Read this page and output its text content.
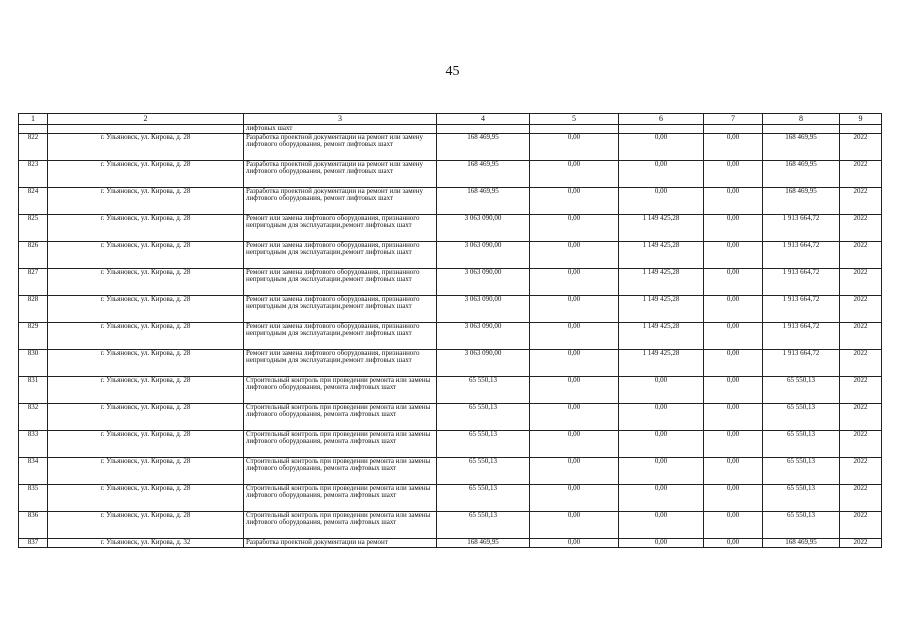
45
1	2	3	4	5	6	7	8	9
		лифтовых шахт						
822	г. Ульяновск, ул. Кирова, д. 28	Разработка проектной документации на ремонт или замену лифтового оборудования, ремонт лифтовых шахт	168 469,95	0,00	0,00	0,00	168 469,95	2022
823	г. Ульяновск, ул. Кирова, д. 28	Разработка проектной документации на ремонт или замену лифтового оборудования, ремонт лифтовых шахт	168 469,95	0,00	0,00	0,00	168 469,95	2022
824	г. Ульяновск, ул. Кирова, д. 28	Разработка проектной документации на ремонт или замену лифтового оборудования, ремонт лифтовых шахт	168 469,95	0,00	0,00	0,00	168 469,95	2022
825	г. Ульяновск, ул. Кирова, д. 28	Ремонт или замена лифтового оборудования, признанного непригодным для эксплуатации,ремонт лифтовых шахт	3 063 090,00	0,00	1 149 425,28	0,00	1 913 664,72	2022
826	г. Ульяновск, ул. Кирова, д. 28	Ремонт или замена лифтового оборудования, признанного непригодным для эксплуатации,ремонт лифтовых шахт	3 063 090,00	0,00	1 149 425,28	0,00	1 913 664,72	2022
827	г. Ульяновск, ул. Кирова, д. 28	Ремонт или замена лифтового оборудования, признанного непригодным для эксплуатации,ремонт лифтовых шахт	3 063 090,00	0,00	1 149 425,28	0,00	1 913 664,72	2022
828	г. Ульяновск, ул. Кирова, д. 28	Ремонт или замена лифтового оборудования, признанного непригодным для эксплуатации,ремонт лифтовых шахт	3 063 090,00	0,00	1 149 425,28	0,00	1 913 664,72	2022
829	г. Ульяновск, ул. Кирова, д. 28	Ремонт или замена лифтового оборудования, признанного непригодным для эксплуатации,ремонт лифтовых шахт	3 063 090,00	0,00	1 149 425,28	0,00	1 913 664,72	2022
830	г. Ульяновск, ул. Кирова, д. 28	Ремонт или замена лифтового оборудования, признанного непригодным для эксплуатации,ремонт лифтовых шахт	3 063 090,00	0,00	1 149 425,28	0,00	1 913 664,72	2022
831	г. Ульяновск, ул. Кирова, д. 28	Строительный контроль при проведении ремонта или замены лифтового оборудования, ремонта лифтовых шахт	65 550,13	0,00	0,00	0,00	65 550,13	2022
832	г. Ульяновск, ул. Кирова, д. 28	Строительный контроль при проведении ремонта или замены лифтового оборудования, ремонта лифтовых шахт	65 550,13	0,00	0,00	0,00	65 550,13	2022
833	г. Ульяновск, ул. Кирова, д. 28	Строительный контроль при проведении ремонта или замены лифтового оборудования, ремонта лифтовых шахт	65 550,13	0,00	0,00	0,00	65 550,13	2022
834	г. Ульяновск, ул. Кирова, д. 28	Строительный контроль при проведении ремонта или замены лифтового оборудования, ремонта лифтовых шахт	65 550,13	0,00	0,00	0,00	65 550,13	2022
835	г. Ульяновск, ул. Кирова, д. 28	Строительный контроль при проведении ремонта или замены лифтового оборудования, ремонта лифтовых шахт	65 550,13	0,00	0,00	0,00	65 550,13	2022
836	г. Ульяновск, ул. Кирова, д. 28	Строительный контроль при проведении ремонта или замены лифтового оборудования, ремонта лифтовых шахт	65 550,13	0,00	0,00	0,00	65 550,13	2022
837	г. Ульяновск, ул. Кирова, д. 32	Разработка проектной документации на ремонт	168 469,95	0,00	0,00	0,00	168 469,95	2022
